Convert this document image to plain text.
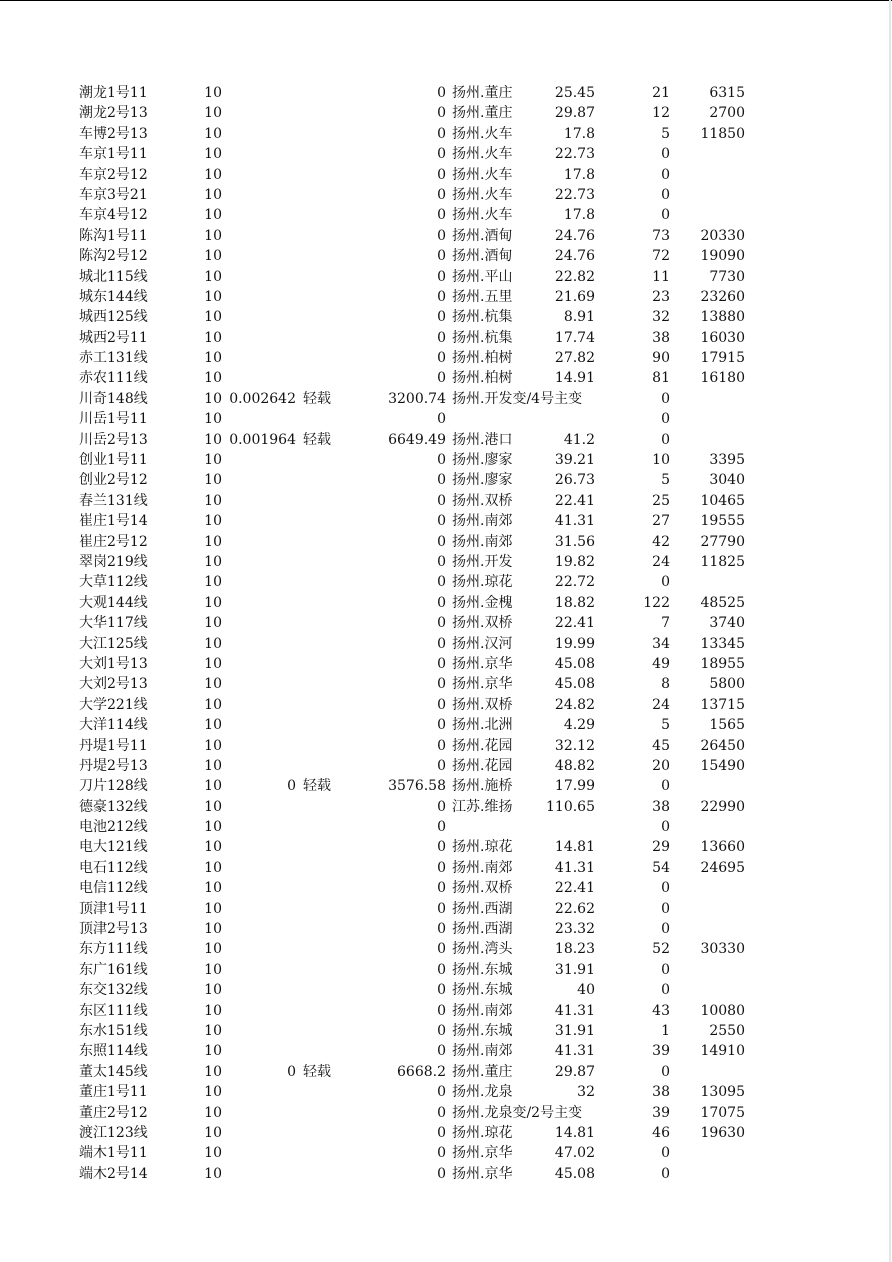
潮龙1号11	10	0 扬州.董庄	25.45	21	6315
潮龙2号13	10	0 扬州.董庄	29.87	12	2700
车博2号13	10	0 扬州.火车	17.8	5	11850
车京1号11	10	0 扬州.火车	22.73	0
车京2号12	10	0 扬州.火车	17.8	0
车京3号21	10	0 扬州.火车	22.73	0
车京4号12	10	0 扬州.火车	17.8	0
陈沟1号11	10	0 扬州.酒甸	24.76	73	20330
陈沟2号12	10	0 扬州.酒甸	24.76	72	19090
城北115线	10	0 扬州.平山	22.82	11	7730
城东144线	10	0 扬州.五里	21.69	23	23260
城西125线	10	0 扬州.杭集	8.91	32	13880
城西2号11	10	0 扬州.杭集	17.74	38	16030
赤工131线	10	0 扬州.柏树	27.82	90	17915
赤农111线	10	0 扬州.柏树	14.91	81	16180
川奇148线	10 0.002642 轻载	3200.74 扬州.开发变/4号主变	0
川岳1号11	10	0	0
川岳2号13	10 0.001964 轻载	6649.49 扬州.港口	41.2	0
创业1号11	10	0 扬州.廖家	39.21	10	3395
创业2号12	10	0 扬州.廖家	26.73	5	3040
春兰131线	10	0 扬州.双桥	22.41	25	10465
崔庄1号14	10	0 扬州.南郊	41.31	27	19555
崔庄2号12	10	0 扬州.南郊	31.56	42	27790
翠岗219线	10	0 扬州.开发	19.82	24	11825
大草112线	10	0 扬州.琼花	22.72	0
大观144线	10	0 扬州.金槐	18.82	122	48525
大华117线	10	0 扬州.双桥	22.41	7	3740
大江125线	10	0 扬州.汉河	19.99	34	13345
大刘1号13	10	0 扬州.京华	45.08	49	18955
大刘2号13	10	0 扬州.京华	45.08	8	5800
大学221线	10	0 扬州.双桥	24.82	24	13715
大洋114线	10	0 扬州.北洲	4.29	5	1565
丹堤1号11	10	0 扬州.花园	32.12	45	26450
丹堤2号13	10	0 扬州.花园	48.82	20	15490
刀片128线	10	0 轻载	3576.58 扬州.施桥	17.99	0
德豪132线	10	0 江苏.维扬	110.65	38	22990
电池212线	10	0	0
电大121线	10	0 扬州.琼花	14.81	29	13660
电石112线	10	0 扬州.南郊	41.31	54	24695
电信112线	10	0 扬州.双桥	22.41	0
顶津1号11	10	0 扬州.西湖	22.62	0
顶津2号13	10	0 扬州.西湖	23.32	0
东方111线	10	0 扬州.湾头	18.23	52	30330
东广161线	10	0 扬州.东城	31.91	0
东交132线	10	0 扬州.东城	40	0
东区111线	10	0 扬州.南郊	41.31	43	10080
东水151线	10	0 扬州.东城	31.91	1	2550
东照114线	10	0 扬州.南郊	41.31	39	14910
董太145线	10	0 轻载	6668.2 扬州.董庄	29.87	0
董庄1号11	10	0 扬州.龙泉	32	38	13095
董庄2号12	10	0 扬州.龙泉变/2号主变	39	17075
渡江123线	10	0 扬州.琼花	14.81	46	19630
端木1号11	10	0 扬州.京华	47.02	0
端木2号14	10	0 扬州.京华	45.08	0
